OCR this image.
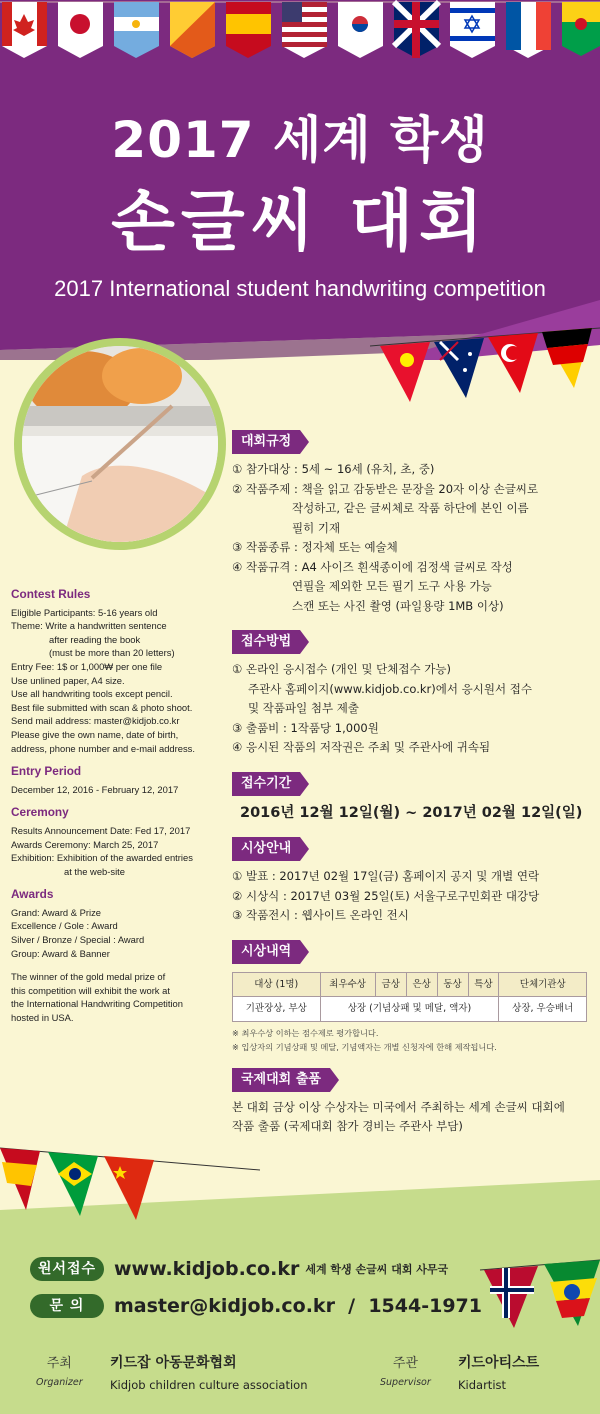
2017 세계 학생
손글씨 대회
2017 International student handwriting competition
Contest Rules
Eligible Participants: 5-16 years old
Theme: Write a handwritten sentence
after reading the book
(must be more than 20 letters)
Entry Fee: 1$ or 1,000₩ per one file
Use unlined paper, A4 size.
Use all handwriting tools except pencil.
Best file submitted with scan & photo shoot.
Send mail address: master@kidjob.co.kr
Please give the own name, date of birth,
address, phone number and e-mail address.
Entry Period
December 12, 2016 - February 12, 2017
Ceremony
Results Announcement Date: Fed 17, 2017
Awards Ceremony: March 25, 2017
Exhibition: Exhibition of the awarded entries
at the web-site
Awards
Grand: Award & Prize
Excellence / Gole : Award
Silver / Bronze / Special : Award
Group: Award & Banner
The winner of the gold medal prize of
this competition will exhibit the work at
the International Handwriting Competition
hosted in USA.
대회규정
① 참가대상 : 5세 ~ 16세 (유치, 초, 중)
② 작품주제 : 책을 읽고 감동받은 문장을 20자 이상 손글씨로
작성하고, 같은 글씨체로 작품 하단에 본인 이름
필히 기재
③ 작품종류 : 정자체 또는 예술체
④ 작품규격 : A4 사이즈 흰색종이에 검정색 글씨로 작성
연필을 제외한 모든 필기 도구 사용 가능
스캔 또는 사진 촬영 (파일용량 1MB 이상)
접수방법
① 온라인 응시접수 (개인 및 단체접수 가능)
주관사 홈페이지(www.kidjob.co.kr)에서 응시원서 접수
및 작품파일 첨부 제출
③ 출품비 : 1작품당 1,000원
④ 응시된 작품의 저작권은 주최 및 주관사에 귀속됨
접수기간
2016년 12월 12일(월) ~ 2017년 02월 12일(일)
시상안내
① 발표 : 2017년 02월 17일(금) 홈페이지 공지 및 개별 연락
② 시상식 : 2017년 03월 25일(토) 서울구로구민회관 대강당
③ 작품전시 : 웹사이트 온라인 전시
시상내역
대상 (1명)	최우수상	금상	은상	동상	특상	단체기관상
기관장상, 부상	상장 (기념상패 및 메달, 액자)					상장, 우승배너
※ 최우수상 이하는 점수제로 평가합니다.
※ 입상자의 기념상패 및 메달, 기념액자는 개별 신청자에 한해 제작됩니다.
국제대회 출품
본 대회 금상 이상 수상자는 미국에서 주최하는 세계 손글씨 대회에
작품 출품 (국제대회 참가 경비는 주관사 부담)
원서접수 www.kidjob.co.kr 세계 학생 손글씨 대회 사무국
문 의	master@kidjob.co.kr  /  1544-1971
주최
Organizer
키드잡 아동문화협회
Kidjob children culture association
주관
Supervisor
키드아티스트
Kidartist
